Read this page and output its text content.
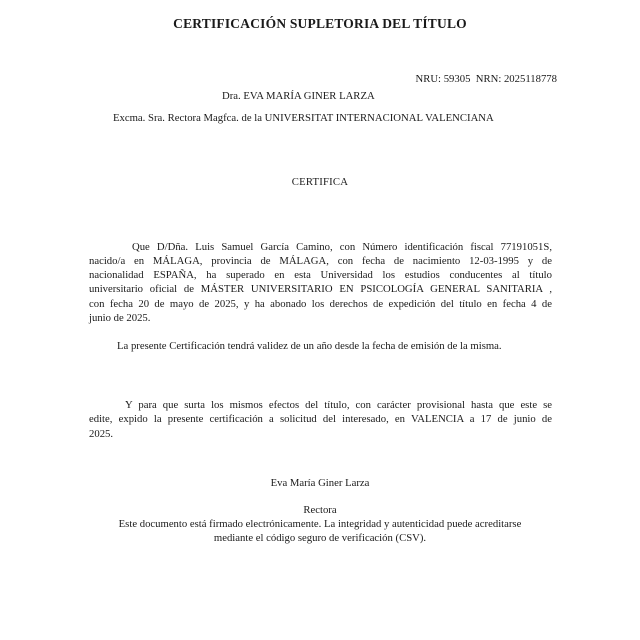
CERTIFICACIÓN SUPLETORIA DEL TÍTULO
NRU: 59305  NRN: 2025118778
Dra. EVA MARÍA GINER LARZA
Excma. Sra. Rectora Magfca. de la UNIVERSITAT INTERNACIONAL VALENCIANA
CERTIFICA
Que D/Dña. Luis Samuel García Camino, con Número identificación fiscal 77191051S,
nacido/a en MÁLAGA, provincia de MÁLAGA, con fecha de nacimiento 12-03-1995 y de
nacionalidad ESPAÑA, ha superado en esta Universidad los estudios conducentes al título
universitario oficial de MÁSTER UNIVERSITARIO EN PSICOLOGÍA GENERAL SANITARIA ,
con fecha 20 de mayo de 2025, y ha abonado los derechos de expedición del título en fecha 4 de
junio de 2025.
La presente Certificación tendrá validez de un año desde la fecha de emisión de la misma.
Y para que surta los mismos efectos del título, con carácter provisional hasta que este se
edite, expido la presente certificación a solicitud del interesado, en VALENCIA a 17 de junio de
2025.
Eva María Giner Larza
Rectora
Este documento está firmado electrónicamente. La integridad y autenticidad puede acreditarse
mediante el código seguro de verificación (CSV).
